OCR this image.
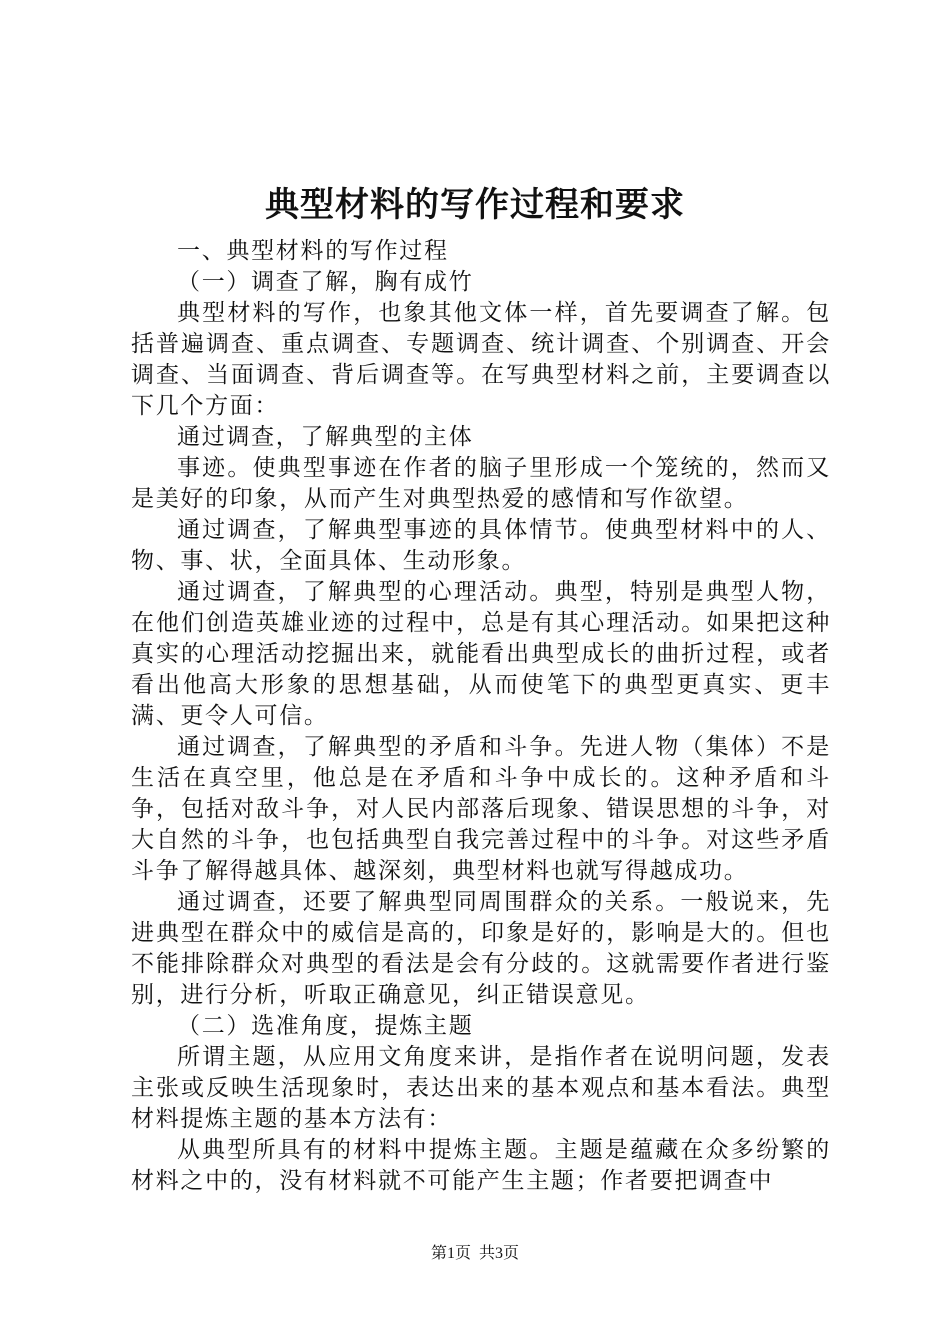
典型材料的写作过程和要求

一、典型材料的写作过程

（一）调查了解，胸有成竹

典型材料的写作，也象其他文体一样，首先要调查了解。包括普遍调查、重点调查、专题调查、统计调查、个别调查、开会调查、当面调查、背后调查等。在写典型材料之前，主要调查以下几个方面：

通过调查，了解典型的主体

事迹。使典型事迹在作者的脑子里形成一个笼统的，然而又是美好的印象，从而产生对典型热爱的感情和写作欲望。

通过调查，了解典型事迹的具体情节。使典型材料中的人、物、事、状，全面具体、生动形象。

通过调查，了解典型的心理活动。典型，特别是典型人物，在他们创造英雄业迹的过程中，总是有其心理活动。如果把这种真实的心理活动挖掘出来，就能看出典型成长的曲折过程，或者看出他高大形象的思想基础，从而使笔下的典型更真实、更丰满、更令人可信。

通过调查，了解典型的矛盾和斗争。先进人物（集体）不是生活在真空里，他总是在矛盾和斗争中成长的。这种矛盾和斗争，包括对敌斗争，对人民内部落后现象、错误思想的斗争，对大自然的斗争，也包括典型自我完善过程中的斗争。对这些矛盾斗争了解得越具体、越深刻，典型材料也就写得越成功。

通过调查，还要了解典型同周围群众的关系。一般说来，先进典型在群众中的威信是高的，印象是好的，影响是大的。但也不能排除群众对典型的看法是会有分歧的。这就需要作者进行鉴别，进行分析，听取正确意见，纠正错误意见。

（二）选准角度，提炼主题

所谓主题，从应用文角度来讲，是指作者在说明问题，发表主张或反映生活现象时，表达出来的基本观点和基本看法。典型材料提炼主题的基本方法有：

从典型所具有的材料中提炼主题。主题是蕴藏在众多纷繁的材料之中的，没有材料就不可能产生主题；作者要把调查中

第1页 共3页
